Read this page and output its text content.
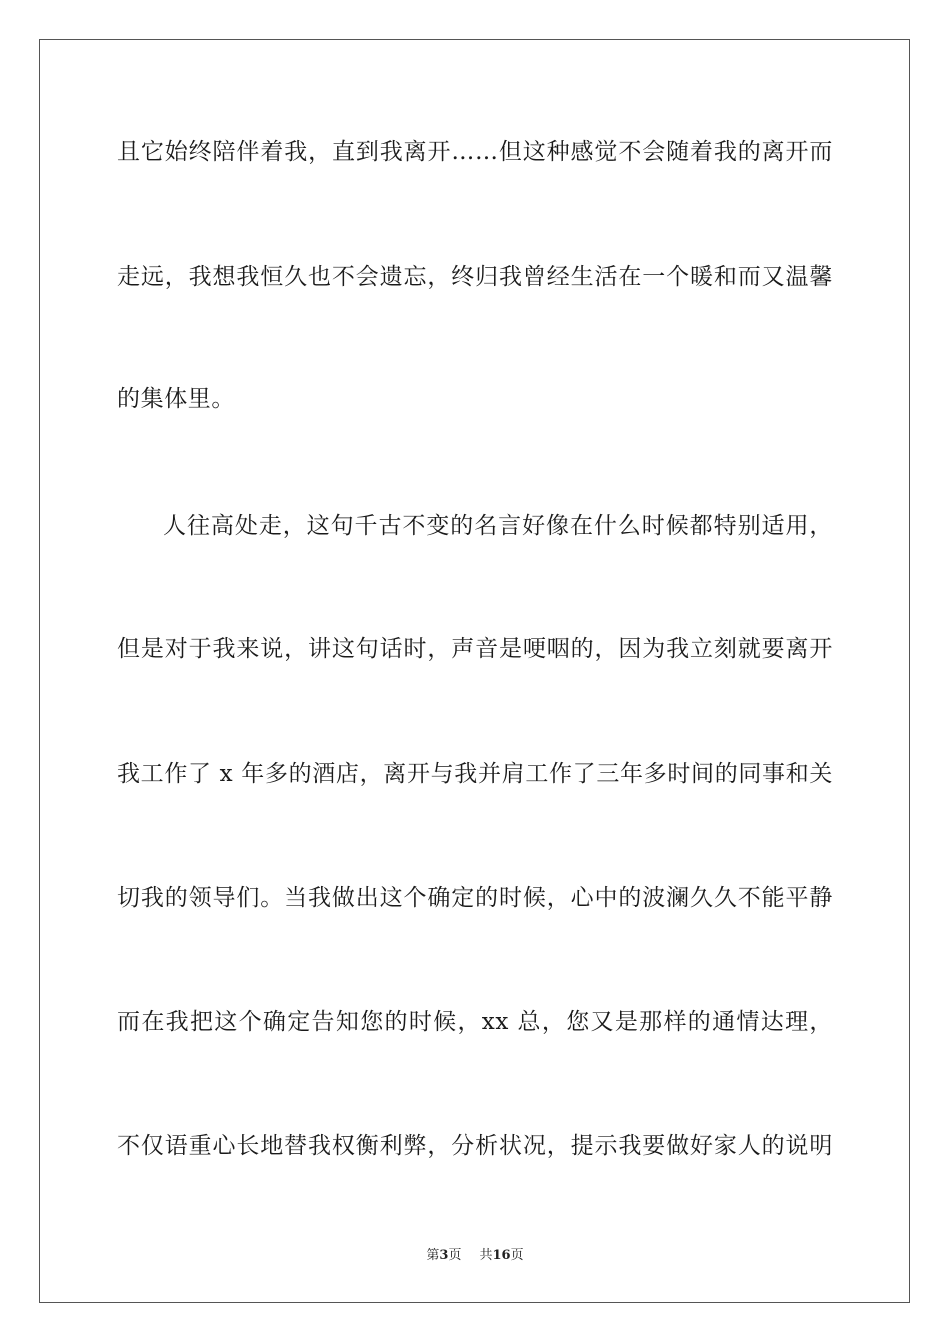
且它始终陪伴着我，直到我离开……但这种感觉不会随着我的离开而
走远，我想我恒久也不会遗忘，终归我曾经生活在一个暖和而又温馨
的集体里。
人往高处走，这句千古不变的名言好像在什么时候都特别适用，
但是对于我来说，讲这句话时，声音是哽咽的，因为我立刻就要离开
我工作了 x 年多的酒店，离开与我并肩工作了三年多时间的同事和关
切我的领导们。当我做出这个确定的时候，心中的波澜久久不能平静
而在我把这个确定告知您的时候，xx 总，您又是那样的通情达理，
不仅语重心长地替我权衡利弊，分析状况，提示我要做好家人的说明
第3页 共16页
